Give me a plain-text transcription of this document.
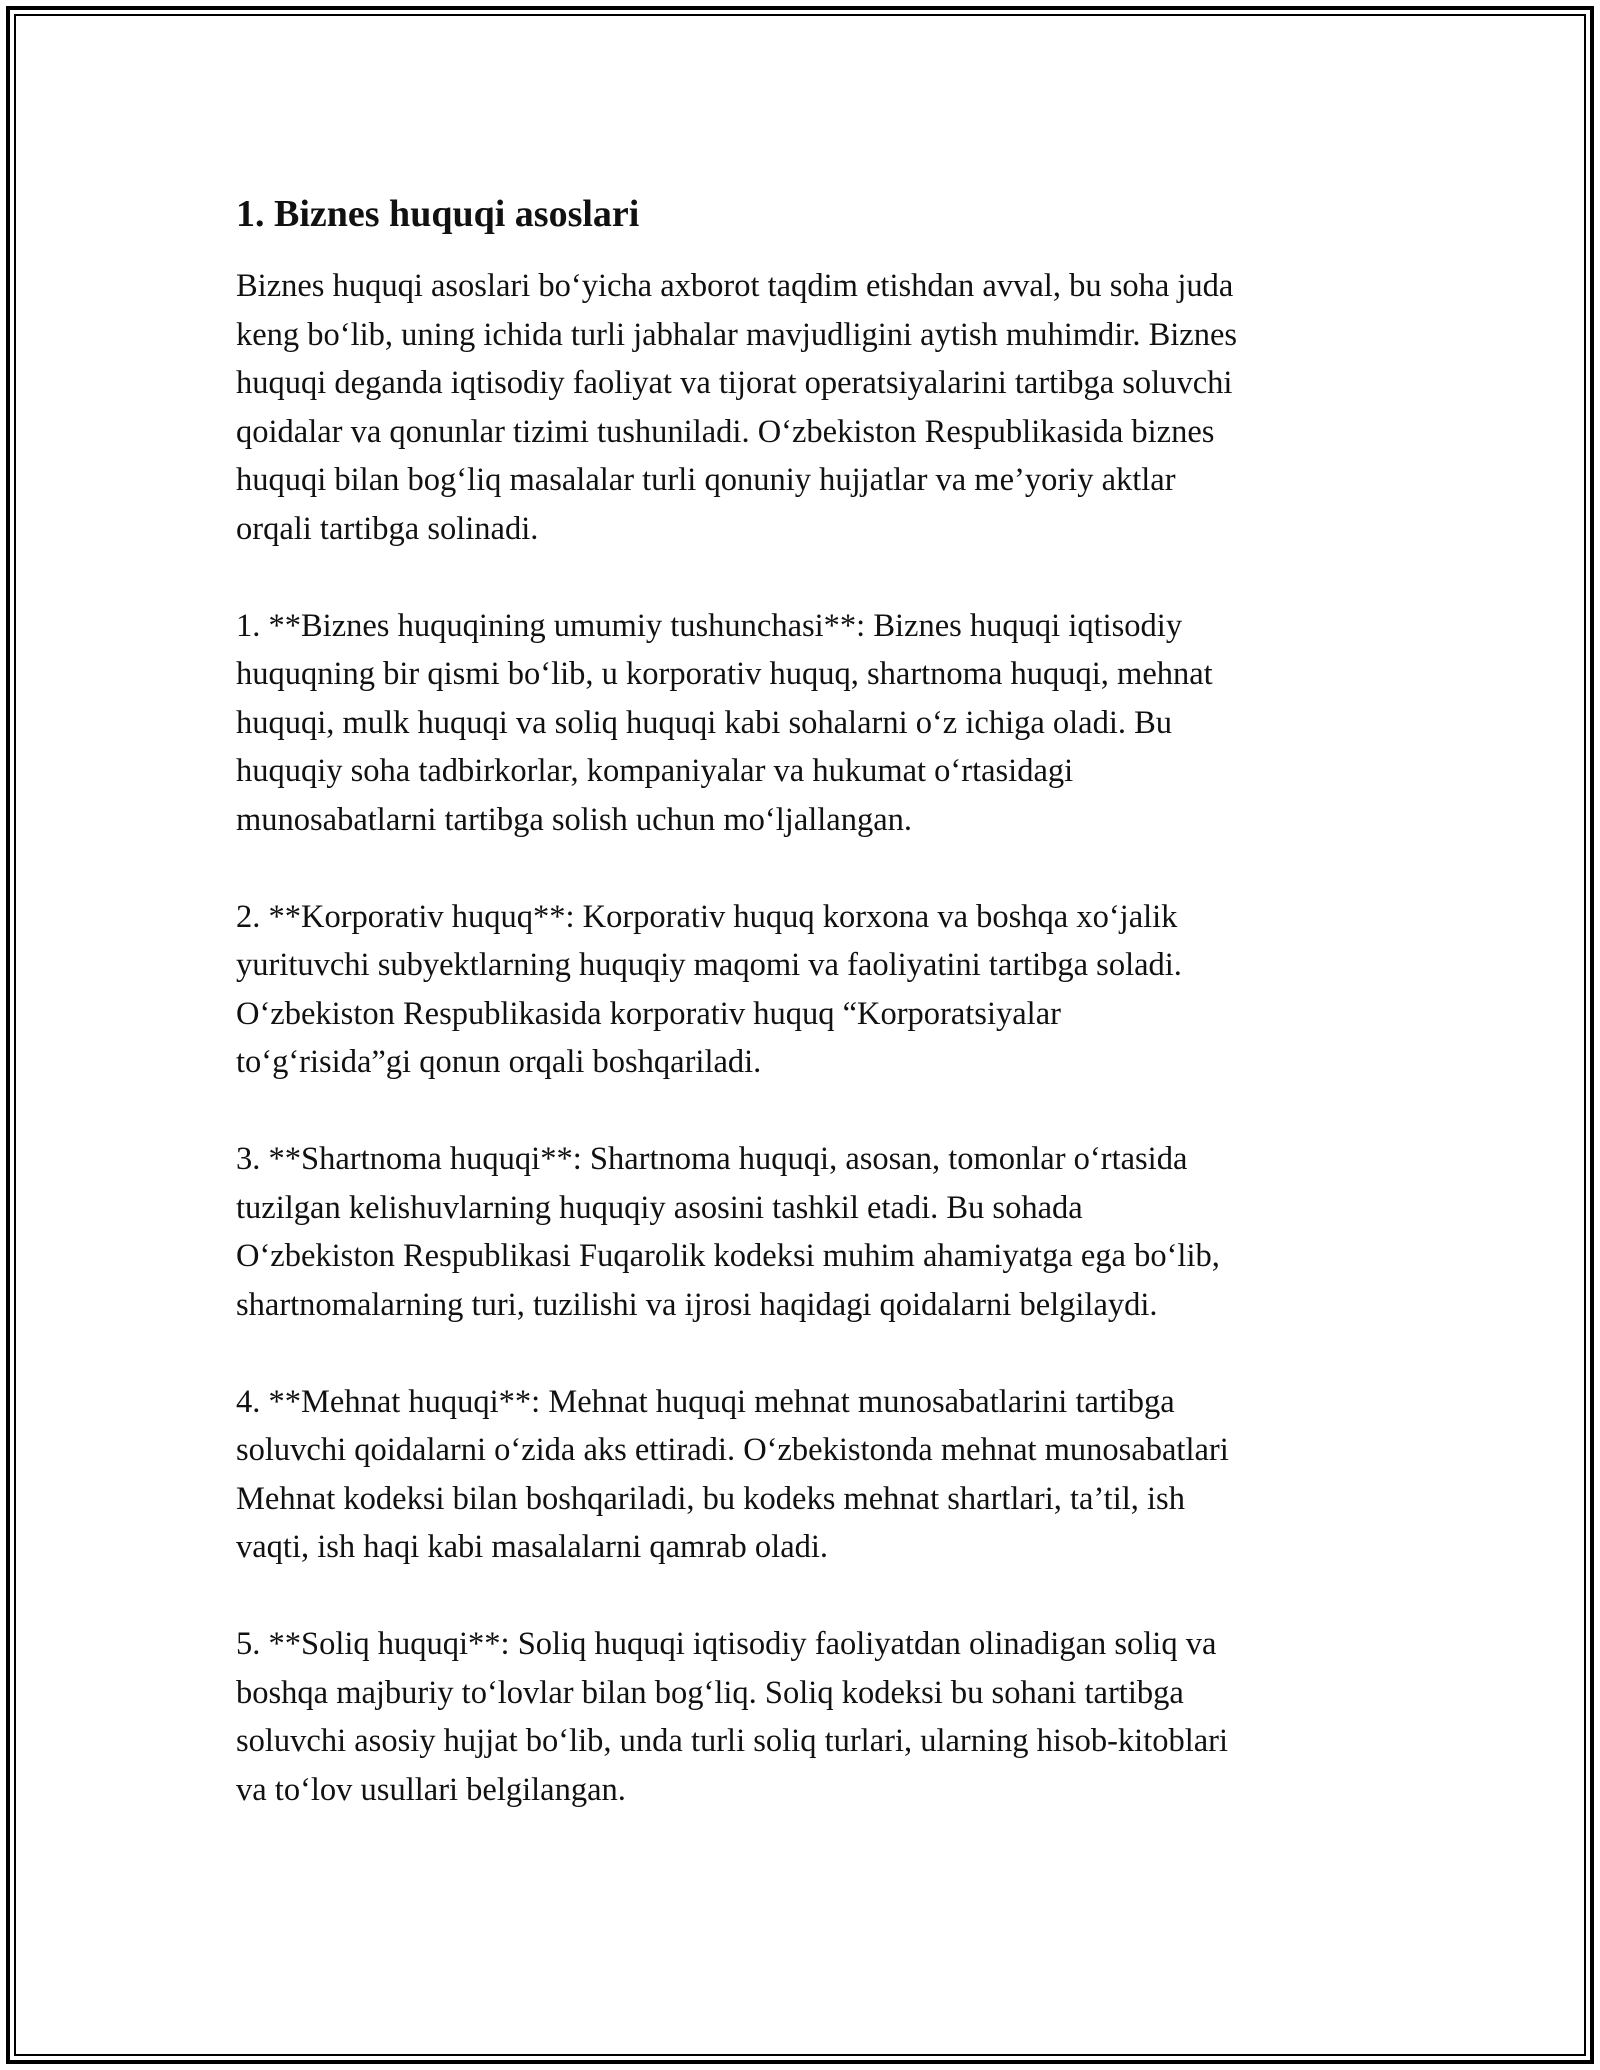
1. Biznes huquqi asoslari

Biznes huquqi asoslari bo‘yicha axborot taqdim etishdan avval, bu soha juda
keng bo‘lib, uning ichida turli jabhalar mavjudligini aytish muhimdir. Biznes
huquqi deganda iqtisodiy faoliyat va tijorat operatsiyalarini tartibga soluvchi
qoidalar va qonunlar tizimi tushuniladi. O‘zbekiston Respublikasida biznes
huquqi bilan bog‘liq masalalar turli qonuniy hujjatlar va me’yoriy aktlar
orqali tartibga solinadi.

1. **Biznes huquqining umumiy tushunchasi**: Biznes huquqi iqtisodiy
huquqning bir qismi bo‘lib, u korporativ huquq, shartnoma huquqi, mehnat
huquqi, mulk huquqi va soliq huquqi kabi sohalarni o‘z ichiga oladi. Bu
huquqiy soha tadbirkorlar, kompaniyalar va hukumat o‘rtasidagi
munosabatlarni tartibga solish uchun mo‘ljallangan.

2. **Korporativ huquq**: Korporativ huquq korxona va boshqa xo‘jalik
yurituvchi subyektlarning huquqiy maqomi va faoliyatini tartibga soladi.
O‘zbekiston Respublikasida korporativ huquq “Korporatsiyalar
to‘g‘risida”gi qonun orqali boshqariladi.

3. **Shartnoma huquqi**: Shartnoma huquqi, asosan, tomonlar o‘rtasida
tuzilgan kelishuvlarning huquqiy asosini tashkil etadi. Bu sohada
O‘zbekiston Respublikasi Fuqarolik kodeksi muhim ahamiyatga ega bo‘lib,
shartnomalarning turi, tuzilishi va ijrosi haqidagi qoidalarni belgilaydi.

4. **Mehnat huquqi**: Mehnat huquqi mehnat munosabatlarini tartibga
soluvchi qoidalarni o‘zida aks ettiradi. O‘zbekistonda mehnat munosabatlari
Mehnat kodeksi bilan boshqariladi, bu kodeks mehnat shartlari, ta’til, ish
vaqti, ish haqi kabi masalalarni qamrab oladi.

5. **Soliq huquqi**: Soliq huquqi iqtisodiy faoliyatdan olinadigan soliq va
boshqa majburiy to‘lovlar bilan bog‘liq. Soliq kodeksi bu sohani tartibga
soluvchi asosiy hujjat bo‘lib, unda turli soliq turlari, ularning hisob-kitoblari
va to‘lov usullari belgilangan.
